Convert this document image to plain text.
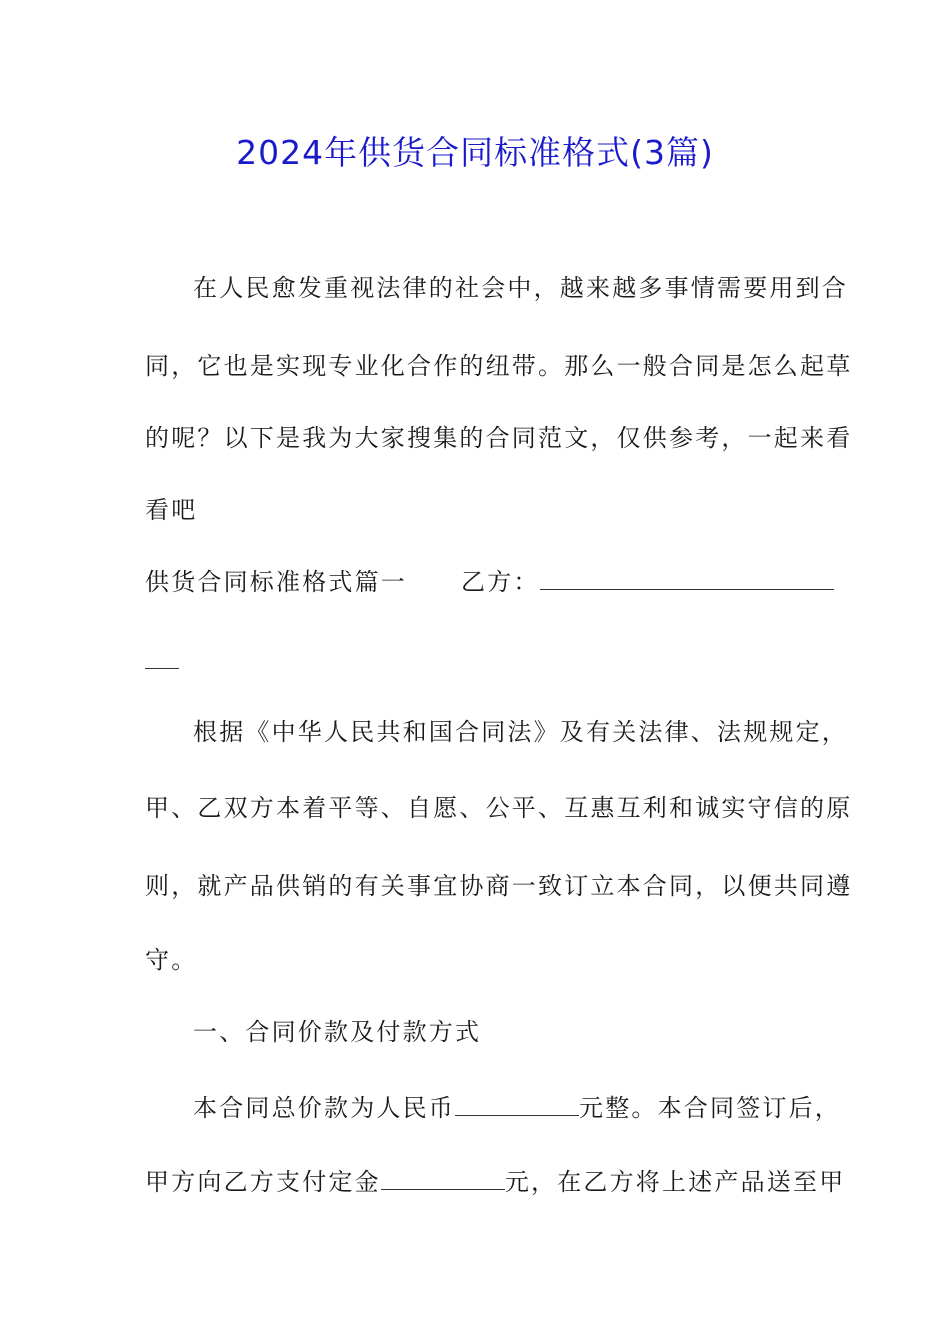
2024年供货合同标准格式(3篇)
在人民愈发重视法律的社会中，越来越多事情需要用到合
同，它也是实现专业化合作的纽带。那么一般合同是怎么起草
的呢？以下是我为大家搜集的合同范文，仅供参考，一起来看
看吧
供货合同标准格式篇一 乙方：
根据《中华人民共和国合同法》及有关法律、法规规定，
甲、乙双方本着平等、自愿、公平、互惠互利和诚实守信的原
则，就产品供销的有关事宜协商一致订立本合同，以便共同遵
守。
一、合同价款及付款方式
本合同总价款为人民币	元整。本合同签订后，
甲方向乙方支付定金	元，在乙方将上述产品送至甲
